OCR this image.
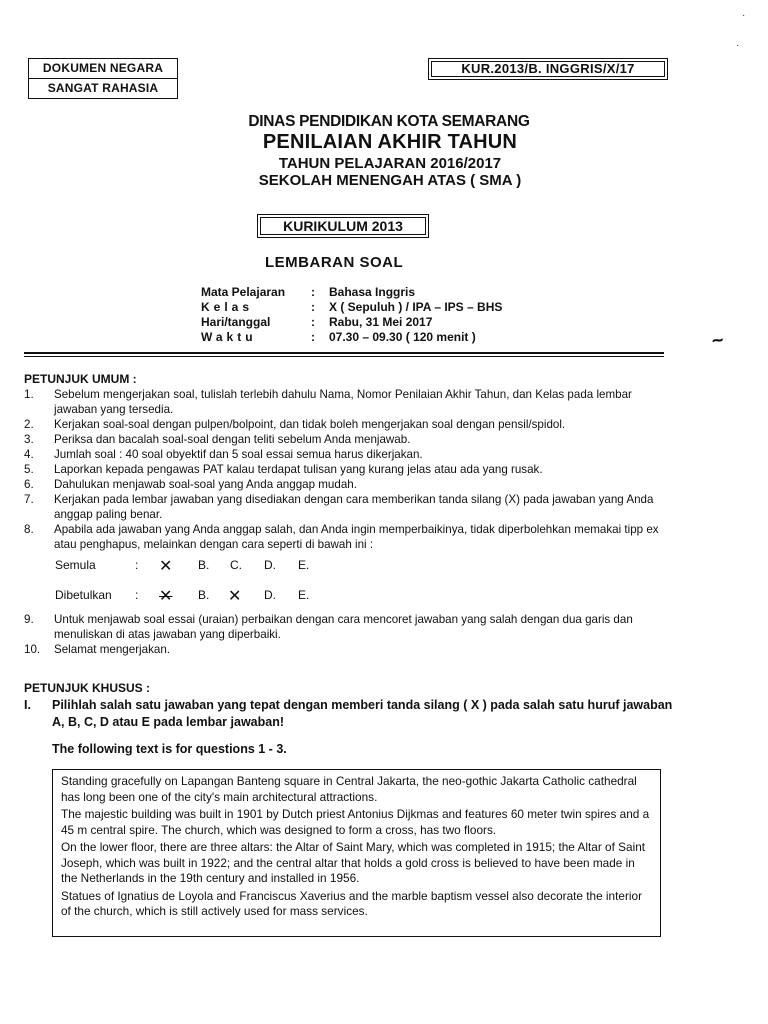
DOKUMEN NEGARA
SANGAT RAHASIA
KUR.2013/B. INGGRIS/X/17
DINAS PENDIDIKAN KOTA SEMARANG
PENILAIAN AKHIR TAHUN
TAHUN PELAJARAN 2016/2017
SEKOLAH MENENGAH ATAS ( SMA )
KURIKULUM 2013
LEMBARAN SOAL
Mata Pelajaran : Bahasa Inggris
Kelas	: X ( Sepuluh ) / IPA – IPS – BHS
Hari/tanggal	: Rabu, 31 Mei 2017
Waktu	: 07.30 – 09.30 ( 120 menit )	~
PETUNJUK UMUM :
1.	Sebelum mengerjakan soal, tulislah terlebih dahulu Nama, Nomor Penilaian Akhir Tahun, dan Kelas pada lembar jawaban yang tersedia.
2.	Kerjakan soal-soal dengan pulpen/bolpoint, dan tidak boleh mengerjakan soal dengan pensil/spidol.
3.	Periksa dan bacalah soal-soal dengan teliti sebelum Anda menjawab.
4.	Jumlah soal : 40 soal obyektif dan 5 soal essai semua harus dikerjakan.
5.	Laporkan kepada pengawas PAT kalau terdapat tulisan yang kurang jelas atau ada yang rusak.
6.	Dahulukan menjawab soal-soal yang Anda anggap mudah.
7.	Kerjakan pada lembar jawaban yang disediakan dengan cara memberikan tanda silang (X) pada jawaban yang Anda anggap paling benar.
8.	Apabila ada jawaban yang Anda anggap salah, dan Anda ingin memperbaikinya, tidak diperbolehkan memakai tipp ex atau penghapus, melainkan dengan cara seperti di bawah ini :
Semula	: ✕ B. C. D. E.
Dibetulkan : ✕ B. ✕ D. E.
9.	Untuk menjawab soal essai (uraian) perbaikan dengan cara mencoret jawaban yang salah dengan dua garis dan menuliskan di atas jawaban yang diperbaiki.
10.	Selamat mengerjakan.
PETUNJUK KHUSUS :
I. Pilihlah salah satu jawaban yang tepat dengan memberi tanda silang ( X ) pada salah satu huruf jawaban A, B, C, D atau E pada lembar jawaban!
The following text is for questions 1 - 3.

Standing gracefully on Lapangan Banteng square in Central Jakarta, the neo-gothic Jakarta Catholic cathedral has long been one of the city's main architectural attractions.

The majestic building was built in 1901 by Dutch priest Antonius Dijkmas and features 60 meter twin spires and a 45 m central spire. The church, which was designed to form a cross, has two floors.

On the lower floor, there are three altars: the Altar of Saint Mary, which was completed in 1915; the Altar of Saint Joseph, which was built in 1922; and the central altar that holds a gold cross is believed to have been made in the Netherlands in the 19th century and installed in 1956.

Statues of Ignatius de Loyola and Franciscus Xaverius and the marble baptism vessel also decorate the interior of the church, which is still actively used for mass services.

·
·
